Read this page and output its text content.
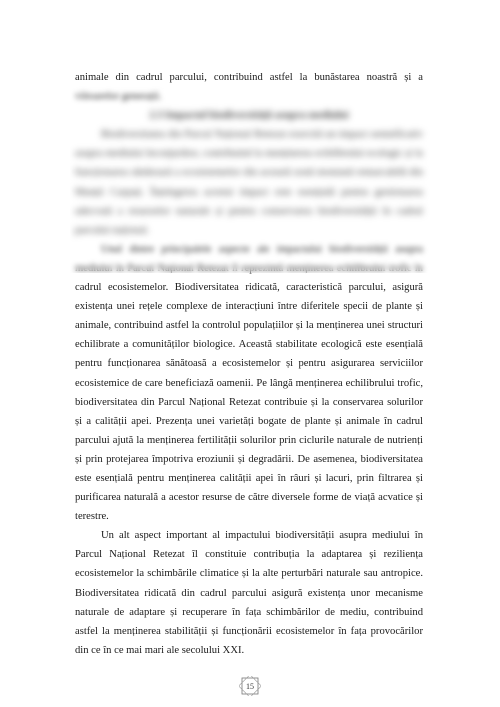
animale din cadrul parcului, contribuind astfel la bunăstarea noastră și a viitoarelor generații.

2.3 Impactul biodiversității asupra mediului

Biodiversitatea din Parcul Național Retezat exercită un impact semnificativ asupra mediului înconjurător, contribuind la menținerea echilibrului ecologic și la funcționarea sănătoasă a ecosistemelor din această zonă montană remarcabilă din Munții Carpați. Înțelegerea acestui impact este esențială pentru gestionarea adecvată a resurselor naturale și pentru conservarea biodiversității în cadrul parcului național.

Unul dintre principalele aspecte ale impactului biodiversității asupra mediului în Parcul Național Retezat îl reprezintă menținerea echilibrului trofic în cadrul ecosistemelor. Biodiversitatea ridicată, caracteristică parcului, asigură existența unei rețele complexe de interacțiuni între diferitele specii de plante și animale, contribuind astfel la controlul populațiilor și la menținerea unei structuri echilibrate a comunităților biologice. Această stabilitate ecologică este esențială pentru funcționarea sănătoasă a ecosistemelor și pentru asigurarea serviciilor ecosistemice de care beneficiază oamenii. Pe lângă menținerea echilibrului trofic, biodiversitatea din Parcul Național Retezat contribuie și la conservarea solurilor și a calității apei. Prezența unei varietăți bogate de plante și animale în cadrul parcului ajută la menținerea fertilității solurilor prin ciclurile naturale de nutrienți și prin protejarea împotriva eroziunii și degradării. De asemenea, biodiversitatea este esențială pentru menținerea calității apei în râuri și lacuri, prin filtrarea și purificarea naturală a acestor resurse de către diversele forme de viață acvatice și terestre.

Un alt aspect important al impactului biodiversității asupra mediului în Parcul Național Retezat îl constituie contribuția la adaptarea și reziliența ecosistemelor la schimbările climatice și la alte perturbări naturale sau antropice. Biodiversitatea ridicată din cadrul parcului asigură existența unor mecanisme naturale de adaptare și recuperare în fața schimbărilor de mediu, contribuind astfel la menținerea stabilității și funcționării ecosistemelor în fața provocărilor din ce în ce mai mari ale secolului XXI.

15
